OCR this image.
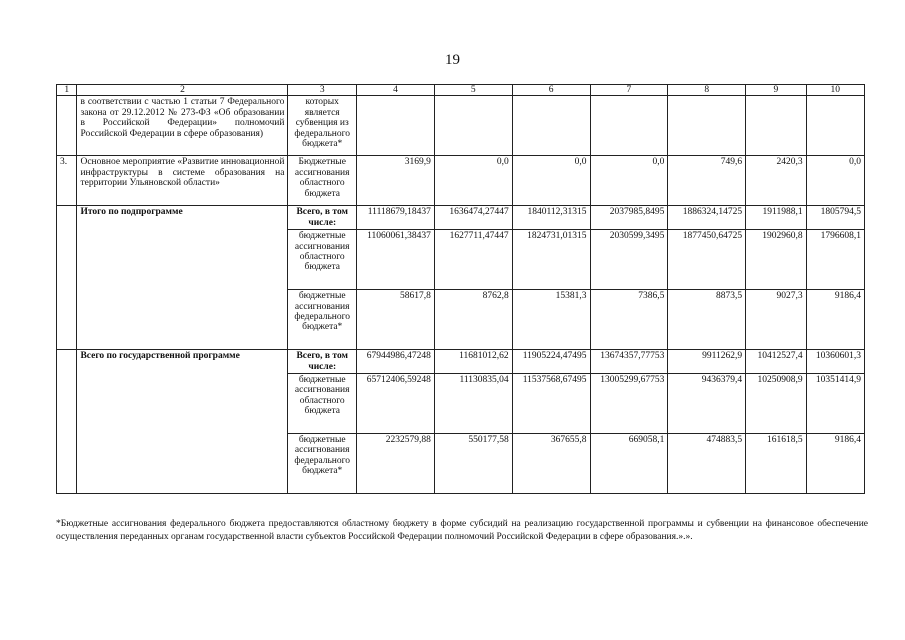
19
1	2	3	4	5	6	7	8	9	10
	в соответствии с частью 1 статьи 7 Федерального закона от 29.12.2012 № 273-ФЗ «Об образовании в Российской Федерации» полномочий Российской Федерации в сфере образования)	которых является субвенция из федерального бюджета*							
3.	Основное мероприятие «Развитие инновационной инфраструктуры в системе образования на территории Ульяновской области»	Бюджетные ассигнования областного бюджета	3169,9	0,0	0,0	0,0	749,6	2420,3	0,0
	Итого по подпрограмме	Всего, в том числе:	11118679,18437	1636474,27447	1840112,31315	2037985,8495	1886324,14725	1911988,1	1805794,5
		бюджетные ассигнования областного бюджета	11060061,38437	1627711,47447	1824731,01315	2030599,3495	1877450,64725	1902960,8	1796608,1
		бюджетные ассигнования федерального бюджета*	58617,8	8762,8	15381,3	7386,5	8873,5	9027,3	9186,4
	Всего по государственной программе	Всего, в том числе:	67944986,47248	11681012,62	11905224,47495	13674357,77753	9911262,9	10412527,4	10360601,3
		бюджетные ассигнования областного бюджета	65712406,59248	11130835,04	11537568,67495	13005299,67753	9436379,4	10250908,9	10351414,9
		бюджетные ассигнования федерального бюджета*	2232579,88	550177,58	367655,8	669058,1	474883,5	161618,5	9186,4
*Бюджетные ассигнования федерального бюджета предоставляются областному бюджету в форме субсидий на реализацию государственной программы и субвенции на финансовое обеспечение осуществления переданных органам государственной власти субъектов Российской Федерации полномочий Российской Федерации в сфере образования.».».
